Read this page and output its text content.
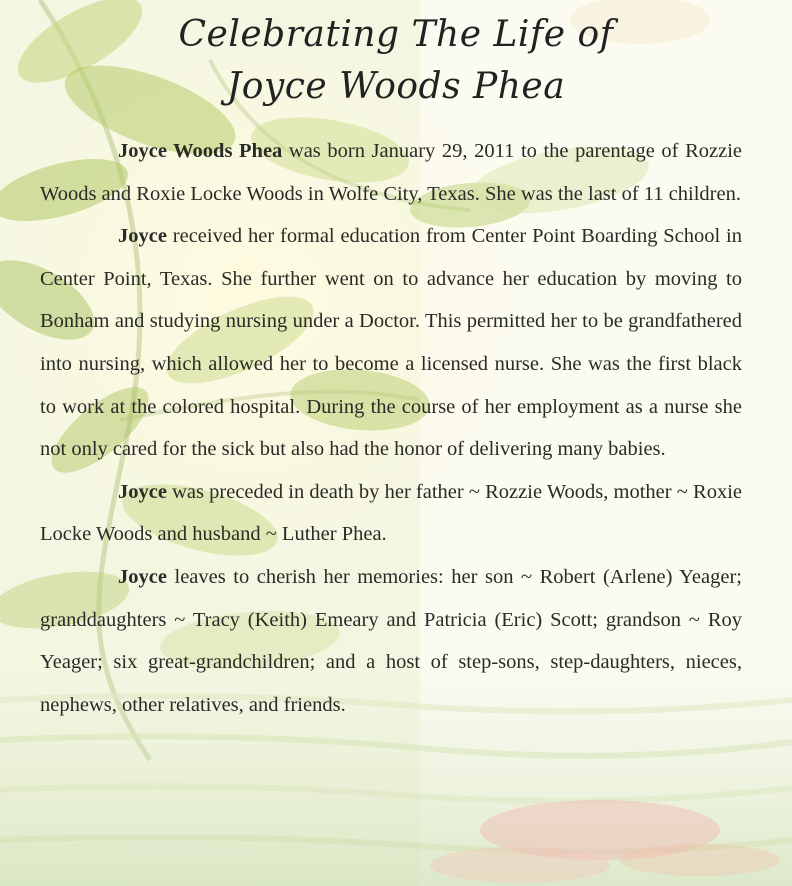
Celebrating The Life of
Joyce Woods Phea

Joyce Woods Phea was born January 29, 2011 to the parentage of Rozzie Woods and Roxie Locke Woods in Wolfe City, Texas. She was the last of 11 children.

Joyce received her formal education from Center Point Boarding School in Center Point, Texas. She further went on to advance her education by moving to Bonham and studying nursing under a Doctor. This permitted her to be grandfathered into nursing, which allowed her to become a licensed nurse. She was the first black to work at the colored hospital. During the course of her employment as a nurse she not only cared for the sick but also had the honor of delivering many babies.

Joyce was preceded in death by her father ~ Rozzie Woods, mother ~ Roxie Locke Woods and husband ~ Luther Phea.

Joyce leaves to cherish her memories: her son ~ Robert (Arlene) Yeager; granddaughters ~ Tracy (Keith) Emeary and Patricia (Eric) Scott; grandson ~ Roy Yeager; six great-grandchildren; and a host of step-sons, step-daughters, nieces, nephews, other relatives, and friends.
